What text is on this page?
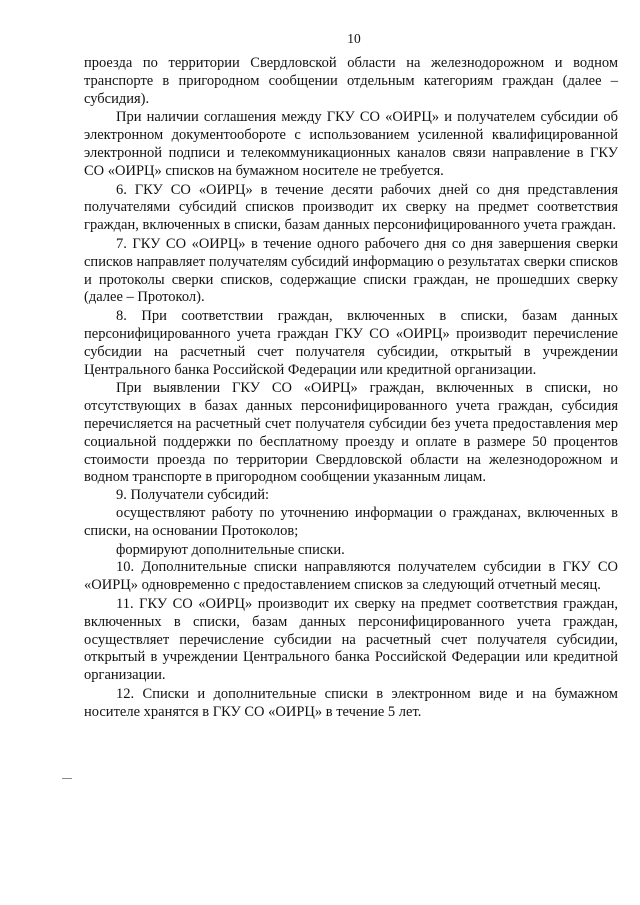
10

проезда по территории Свердловской области на железнодорожном и водном транспорте в пригородном сообщении отдельным категориям граждан (далее – субсидия).

При наличии соглашения между ГКУ СО «ОИРЦ» и получателем субсидии об электронном документообороте с использованием усиленной квалифицированной электронной подписи и телекоммуникационных каналов связи направление в ГКУ СО «ОИРЦ» списков на бумажном носителе не требуется.

6. ГКУ СО «ОИРЦ» в течение десяти рабочих дней со дня представления получателями субсидий списков производит их сверку на предмет соответствия граждан, включенных в списки, базам данных персонифицированного учета граждан.

7. ГКУ СО «ОИРЦ» в течение одного рабочего дня со дня завершения сверки списков направляет получателям субсидий информацию о результатах сверки списков и протоколы сверки списков, содержащие списки граждан, не прошедших сверку (далее – Протокол).

8. При соответствии граждан, включенных в списки, базам данных персонифицированного учета граждан ГКУ СО «ОИРЦ» производит перечисление субсидии на расчетный счет получателя субсидии, открытый в учреждении Центрального банка Российской Федерации или кредитной организации.

При выявлении ГКУ СО «ОИРЦ» граждан, включенных в списки, но отсутствующих в базах данных персонифицированного учета граждан, субсидия перечисляется на расчетный счет получателя субсидии без учета предоставления мер социальной поддержки по бесплатному проезду и оплате в размере 50 процентов стоимости проезда по территории Свердловской области на железнодорожном и водном транспорте в пригородном сообщении указанным лицам.

9. Получатели субсидий:

осуществляют работу по уточнению информации о гражданах, включенных в списки, на основании Протоколов;

формируют дополнительные списки.

10. Дополнительные списки направляются получателем субсидии в ГКУ СО «ОИРЦ» одновременно с предоставлением списков за следующий отчетный месяц.

11. ГКУ СО «ОИРЦ» производит их сверку на предмет соответствия граждан, включенных в списки, базам данных персонифицированного учета граждан, осуществляет перечисление субсидии на расчетный счет получателя субсидии, открытый в учреждении Центрального банка Российской Федерации или кредитной организации.

12. Списки и дополнительные списки в электронном виде и на бумажном носителе хранятся в ГКУ СО «ОИРЦ» в течение 5 лет.
